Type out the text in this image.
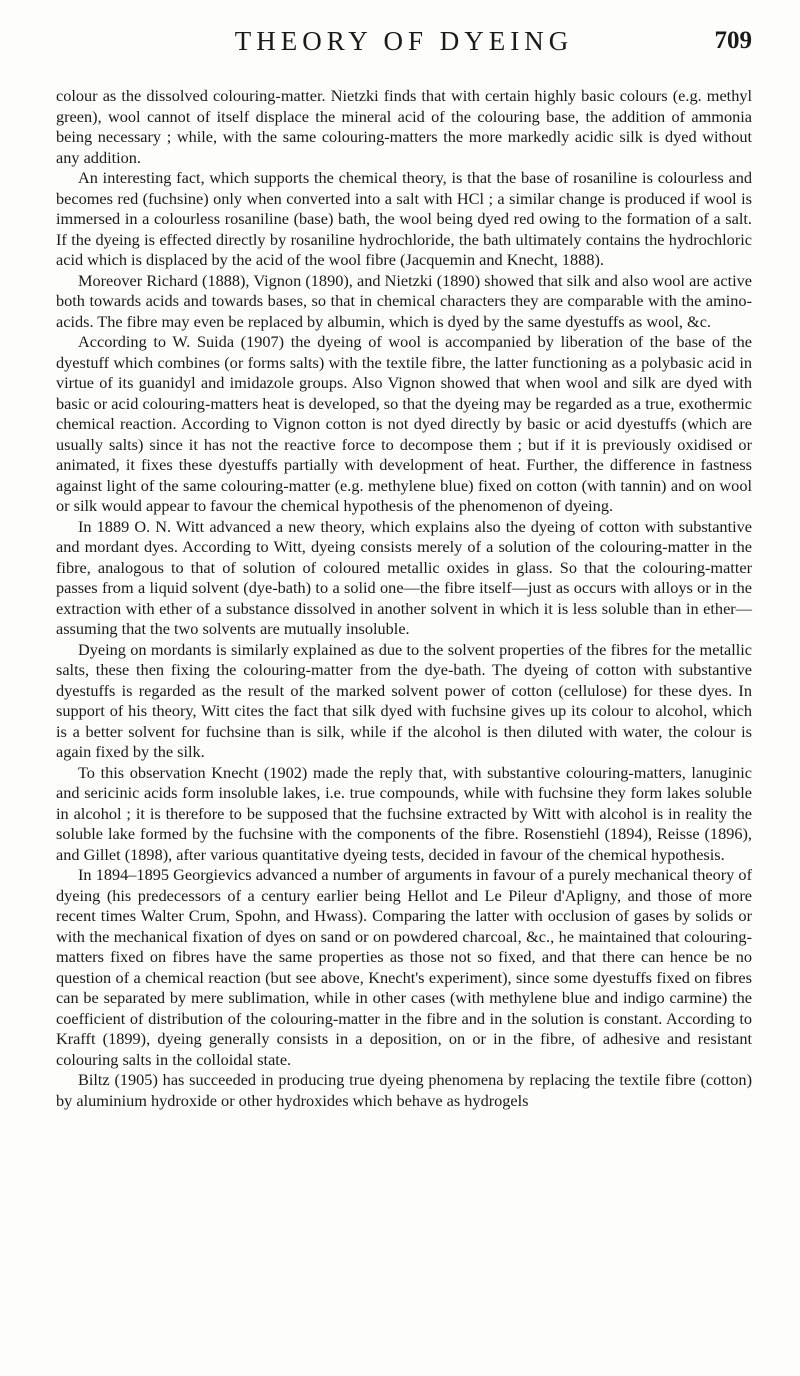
THEORY OF DYEING	709

colour as the dissolved colouring-matter. Nietzki finds that with certain highly basic colours (e.g. methyl green), wool cannot of itself displace the mineral acid of the colouring base, the addition of ammonia being necessary ; while, with the same colouring-matters the more markedly acidic silk is dyed without any addition.

An interesting fact, which supports the chemical theory, is that the base of rosaniline is colourless and becomes red (fuchsine) only when converted into a salt with HCl ; a similar change is produced if wool is immersed in a colourless rosaniline (base) bath, the wool being dyed red owing to the formation of a salt. If the dyeing is effected directly by rosaniline hydrochloride, the bath ultimately contains the hydrochloric acid which is displaced by the acid of the wool fibre (Jacquemin and Knecht, 1888).

Moreover Richard (1888), Vignon (1890), and Nietzki (1890) showed that silk and also wool are active both towards acids and towards bases, so that in chemical characters they are comparable with the amino-acids. The fibre may even be replaced by albumin, which is dyed by the same dyestuffs as wool, &c.

According to W. Suida (1907) the dyeing of wool is accompanied by liberation of the base of the dyestuff which combines (or forms salts) with the textile fibre, the latter functioning as a polybasic acid in virtue of its guanidyl and imidazole groups. Also Vignon showed that when wool and silk are dyed with basic or acid colouring-matters heat is developed, so that the dyeing may be regarded as a true, exothermic chemical reaction. According to Vignon cotton is not dyed directly by basic or acid dyestuffs (which are usually salts) since it has not the reactive force to decompose them ; but if it is previously oxidised or animated, it fixes these dyestuffs partially with development of heat. Further, the difference in fastness against light of the same colouring-matter (e.g. methylene blue) fixed on cotton (with tannin) and on wool or silk would appear to favour the chemical hypothesis of the phenomenon of dyeing.

In 1889 O. N. Witt advanced a new theory, which explains also the dyeing of cotton with substantive and mordant dyes. According to Witt, dyeing consists merely of a solution of the colouring-matter in the fibre, analogous to that of solution of coloured metallic oxides in glass. So that the colouring-matter passes from a liquid solvent (dye-bath) to a solid one—the fibre itself—just as occurs with alloys or in the extraction with ether of a substance dissolved in another solvent in which it is less soluble than in ether—assuming that the two solvents are mutually insoluble.

Dyeing on mordants is similarly explained as due to the solvent properties of the fibres for the metallic salts, these then fixing the colouring-matter from the dye-bath. The dyeing of cotton with substantive dyestuffs is regarded as the result of the marked solvent power of cotton (cellulose) for these dyes. In support of his theory, Witt cites the fact that silk dyed with fuchsine gives up its colour to alcohol, which is a better solvent for fuchsine than is silk, while if the alcohol is then diluted with water, the colour is again fixed by the silk.

To this observation Knecht (1902) made the reply that, with substantive colouring-matters, lanuginic and sericinic acids form insoluble lakes, i.e. true compounds, while with fuchsine they form lakes soluble in alcohol ; it is therefore to be supposed that the fuchsine extracted by Witt with alcohol is in reality the soluble lake formed by the fuchsine with the components of the fibre. Rosenstiehl (1894), Reisse (1896), and Gillet (1898), after various quantitative dyeing tests, decided in favour of the chemical hypothesis.

In 1894–1895 Georgievics advanced a number of arguments in favour of a purely mechanical theory of dyeing (his predecessors of a century earlier being Hellot and Le Pileur d'Apligny, and those of more recent times Walter Crum, Spohn, and Hwass). Comparing the latter with occlusion of gases by solids or with the mechanical fixation of dyes on sand or on powdered charcoal, &c., he maintained that colouring-matters fixed on fibres have the same properties as those not so fixed, and that there can hence be no question of a chemical reaction (but see above, Knecht's experiment), since some dyestuffs fixed on fibres can be separated by mere sublimation, while in other cases (with methylene blue and indigo carmine) the coefficient of distribution of the colouring-matter in the fibre and in the solution is constant. According to Krafft (1899), dyeing generally consists in a deposition, on or in the fibre, of adhesive and resistant colouring salts in the colloidal state.

Biltz (1905) has succeeded in producing true dyeing phenomena by replacing the textile fibre (cotton) by aluminium hydroxide or other hydroxides which behave as hydrogels
